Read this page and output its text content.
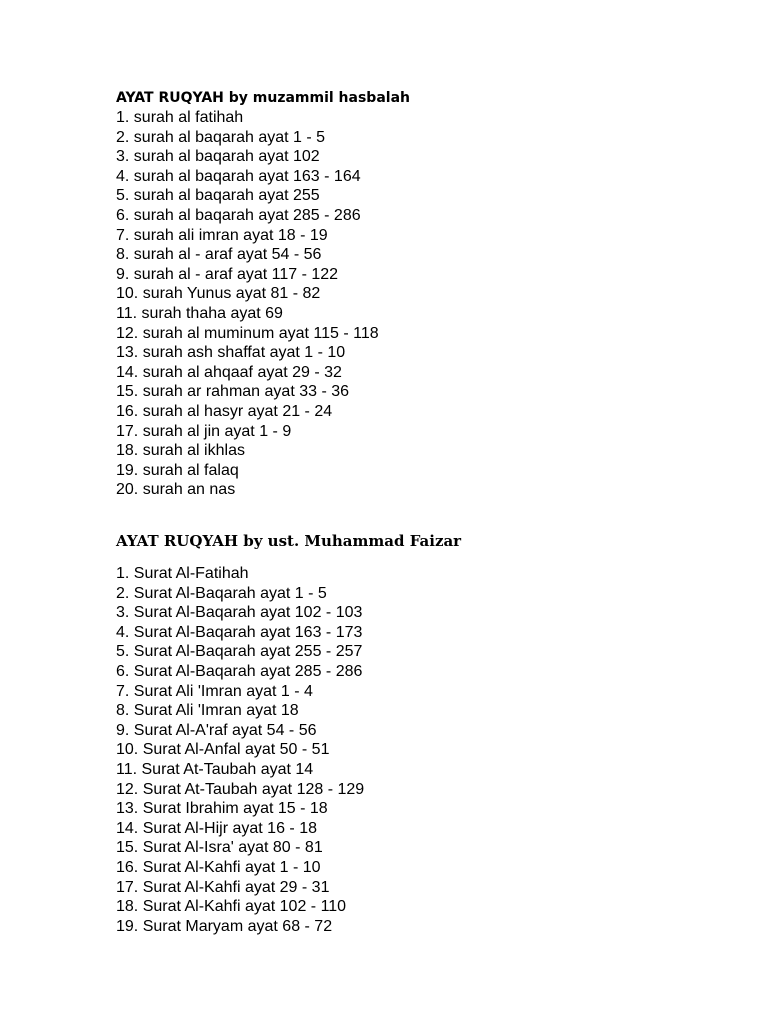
AYAT RUQYAH by muzammil hasbalah
1. surah al fatihah
2. surah al baqarah ayat 1 - 5
3. surah al baqarah ayat 102
4. surah al baqarah ayat 163 - 164
5. surah al baqarah ayat 255
6. surah al baqarah ayat 285 - 286
7. surah ali imran ayat 18 - 19
8. surah al - araf ayat 54 - 56
9. surah al - araf ayat 117 - 122
10. surah Yunus ayat 81 - 82
11. surah thaha ayat 69
12. surah al muminum ayat 115 - 118
13. surah ash shaffat ayat 1 - 10
14. surah al ahqaaf ayat 29 - 32
15. surah ar rahman ayat 33 - 36
16. surah al hasyr ayat 21 - 24
17. surah al jin ayat 1 - 9
18. surah al ikhlas
19. surah al falaq
20. surah an nas
AYAT RUQYAH by ust. Muhammad Faizar
1. Surat Al-Fatihah
2. Surat Al-Baqarah ayat 1 - 5
3. Surat Al-Baqarah ayat 102 - 103
4. Surat Al-Baqarah ayat 163 - 173
5. Surat Al-Baqarah ayat 255 - 257
6. Surat Al-Baqarah ayat 285 - 286
7. Surat Ali 'Imran ayat 1 - 4
8. Surat Ali 'Imran ayat 18
9. Surat Al-A'raf ayat 54 - 56
10. Surat Al-Anfal ayat 50 - 51
11. Surat At-Taubah ayat 14
12. Surat At-Taubah ayat 128 - 129
13. Surat Ibrahim ayat 15 - 18
14. Surat Al-Hijr ayat 16 - 18
15. Surat Al-Isra' ayat 80 - 81
16. Surat Al-Kahfi ayat 1 - 10
17. Surat Al-Kahfi ayat 29 - 31
18. Surat Al-Kahfi ayat 102 - 110
19. Surat Maryam ayat 68 - 72
